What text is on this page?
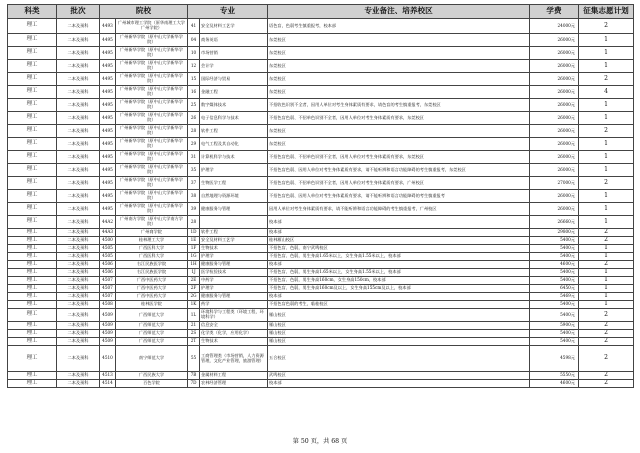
科类	批次	院校		专业		专业备注、培养校区	学费	征集志愿计划
理工	二本及预科	4493	广州城市理工学院（原华南理工大学广州学院）	41	安全及材料工艺学	语色盲，色弱考生慎重报考，校本部	24000元	2
理工	二本及预科	4495	广州新华学院（原中山大学新华学院）	04	商务英语	东莞校区	26000元	1
理工	二本及预科	4495	广州新华学院（原中山大学新华学院）	10	市场营销	东莞校区	26000元	1
理工	二本及预科	4495	广州新华学院（原中山大学新华学院）	12	会计学	东莞校区	26000元	1
理工	二本及预科	4495	广州新华学院（原中山大学新华学院）	15	国际经济与贸易	东莞校区	26000元	2
理工	二本及预科	4495	广州新华学院（原中山大学新华学院）	16	金融工程	东莞校区	26000元	4
理工	二本及预科	4495	广州新华学院（原中山大学新华学院）	25	数字媒体技术	不招收色识别不全者，因用人单位对考生身体素质有要求，请色盲的考生慎重报考，东莞校区	26000元	1
理工	二本及预科	4495	广州新华学院（原中山大学新华学院）	26	电子信息科学与技术	不招色盲色弱、不招单色识别不全者，因用人单位对考生身体素质有要求，东莞校区	26000元	1
理工	二本及预科	4495	广州新华学院（原中山大学新华学院）	28	软件工程	东莞校区	26000元	2
理工	二本及预科	4495	广州新华学院（原中山大学新华学院）	29	电气工程及其自动化	东莞校区	26000元	1
理工	二本及预科	4495	广州新华学院（原中山大学新华学院）	31	计算机科学与技术	不招色盲色弱、不招单色识别不全者，因用人单位对考生身体素质有要求，东莞校区	26000元	1
理工	二本及预科	4495	广州新华学院（原中山大学新华学院）	35	护理学	不招色盲色弱、因用人单位对考生身体素质有要求，请不能听辨和语言功能障碍的考生慎重报考，东莞校区	26000元	1
理工	二本及预科	4495	广州新华学院（原中山大学新华学院）	37	生物医学工程	不招色盲色弱、不招单色识别不全者，因用人单位对考生身体素质有要求，广州校区	27000元	2
理工	二本及预科	4495	广州新华学院（原中山大学新华学院）	38	自然地理与资源环境	不招色盲色弱、因用人单位对考生身体素质有要求，请不能听辨和语言功能障碍的考生慎重报考	26000元	1
理工	二本及预科	4495	广州新华学院（原中山大学新华学院）	39	健康服务与管理	因用人单位对考生身体素质有要求，请不能听辨和语言功能障碍的考生慎重报考，广州校区	26000元	1
理工	二本及预科	44A2	广州南方学院（原中山大学南方学院）	28		校本部	26660元	1
理工	二本及预科	44A3	广州商学院	1D	软件工程	校本部	29800元	2
理工	二本及预科	4500	桂林理工大学	1E	安全及材料工艺学	桂林雁山校区	5400元	2
理工	二本及预科	4505	广西医科大学	1F	生物技术	不招色盲、色弱，南宁武鸣校区	5400元	1
理工	二本及预科	4505	广西医科大学	1G	护理学	不招色盲、色弱，男生身高1.65米以上，女生身高1.55米以上，校本部	5400元	1
理工	二本及预科	4506	右江民族医学院	1H	健康服务与管理	校本部	4600元	2
理工	二本及预科	4506	右江民族医学院	1J	医学检验技术	不招色盲、色弱，男生身高1.65米以上，女生身高1.55米以上，校本部	5400元	1
理工	二本及预科	4507	广西中医药大学	2E	中药学	不招色盲、色弱，男生身高160cm，女生身高150cm，校本部	5400元	1
理工	二本及预科	4507	广西中医药大学	2F	护理学	不招色盲、色弱，男生身高160cm及以上，女生身高155cm及以上，校本部	6450元	1
理工	二本及预科	4507	广西中医药大学	2G	健康服务与管理	校本部	5469元	1
理工	二本及预科	4508	桂林医学院	1K	药学	不招色盲色弱的考生，临桂校区	5400元	1
理工	二本及预科	4509	广西师范大学	1L	环境科学与工程类（环境工程，环境科学）	雁山校区	5400元	2
理工	二本及预科	4509	广西师范大学	21	信息安全	雁山校区	5900元	2
理工	二本及预科	4509	广西师范大学	2S	化学类（化学，应用化学）	雁山校区	5400元	2
理工	二本及预科	4509	广西师范大学	2T	生物技术	雁山校区	5400元	2
理工	二本及预科	4510	南宁师范大学	55	工商管理类（市场营销，人力资源管理，文化产业管理，旅游管理）	五合校区	4598元	2
理工	二本及预科	4513	广西民族大学	7B	金属材料工程	武鸣校区	5550元	2
理工	二本及预科	4514	百色学院	7D	农林经济管理	校本部	4600元	2
第 50 页，共 68 页
